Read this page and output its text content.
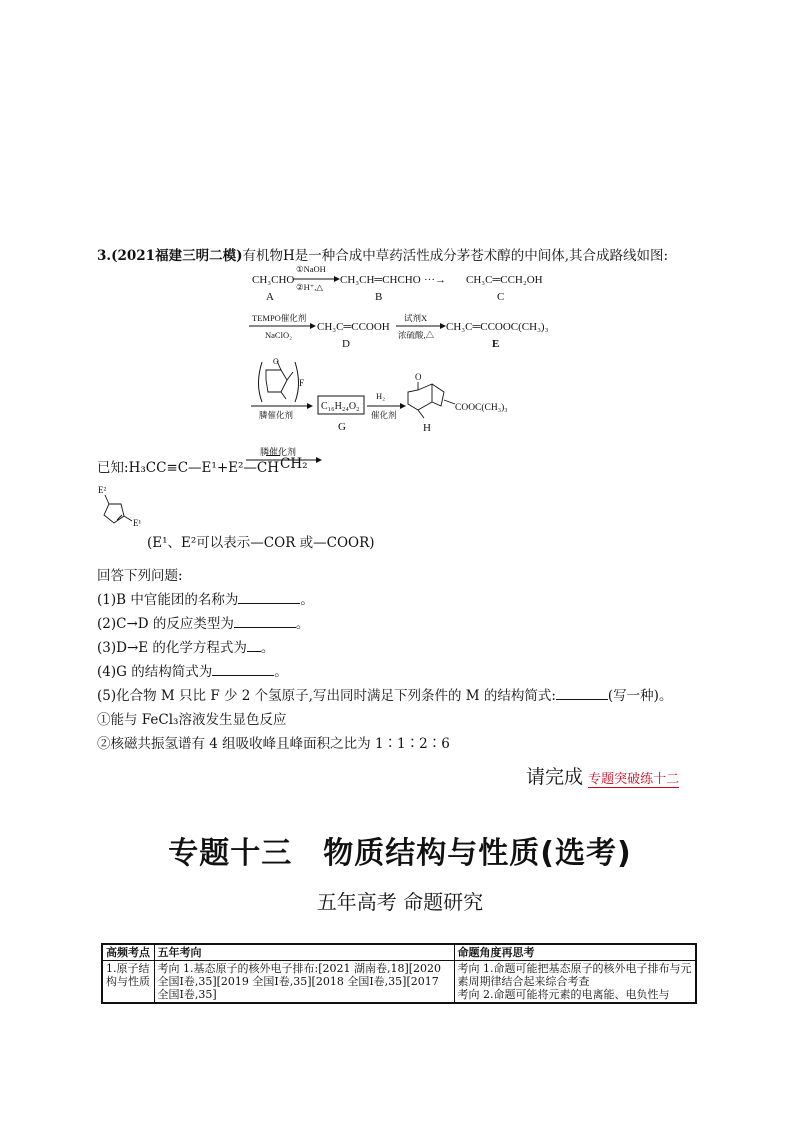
3.(2021福建三明二模)有机物H是一种合成中草药活性成分茅苍术醇的中间体,其合成路线如图:
CH₃CHO
A
①NaOH
②H⁺,△
CH₃CH═CHCHO
B
···→ CH₃C═CCH₂OH
C
TEMPO催化剂
NaClO₂
CH₃C═CCOOH
D
试剂X
浓硫酸,△
CH₃C═CCOOC(CH₃)₃
E
O
F
膦催化剂
C₁₆H₂₄O₂
G
H₂
催化剂
O
COOC(CH₃)₃
H
膦催化剂
已知:H₃CC≡C—E¹+E²—CH CH₂
E²
E¹
(E¹、E²可以表示—COR 或—COOR)
回答下列问题:
(1)B 中官能团的名称为	。
(2)C→D 的反应类型为	。
(3)D→E 的化学方程式为 。
(4)G 的结构简式为	。
(5)化合物 M 只比 F 少 2 个氢原子,写出同时满足下列条件的 M 的结构简式:	(写一种)。
①能与 FeCl₃溶液发生显色反应
②核磁共振氢谱有 4 组吸收峰且峰面积之比为 1∶1∶2∶6
请完成 专题突破练十二
专题十三　物质结构与性质(选考)
五年高考 命题研究
高频考点	五年考向	命题角度再思考
1.原子结构与性质	考向 1.基态原子的核外电子排布:[2021 湖南卷,18][2020 全国Ⅰ卷,35][2019 全国Ⅰ卷,35][2018 全国Ⅰ卷,35][2017 全国Ⅰ卷,35]	考向 1.命题可能把基态原子的核外电子排布与元素周期律结合起来综合考查
考向 2.命题可能将元素的电离能、电负性与
